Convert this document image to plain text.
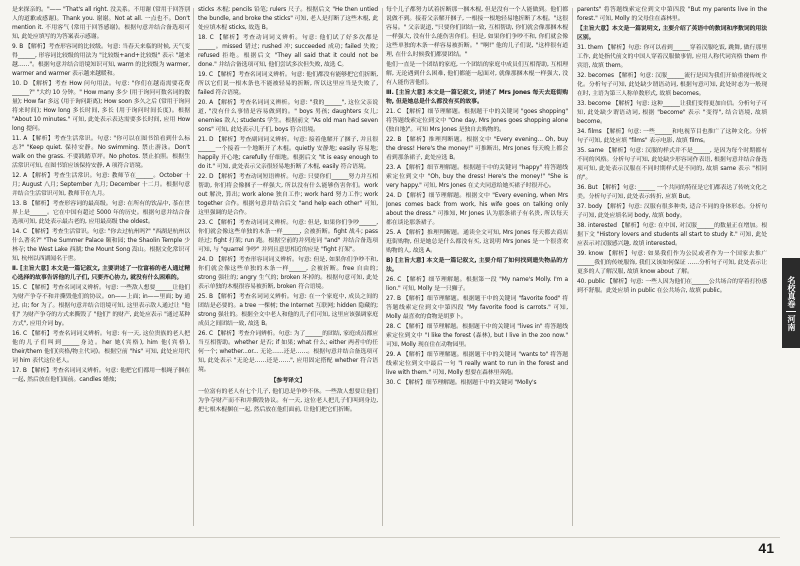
是来探亲的。"—— "That's all right. 没关系。不用谢 (常用于回答别人的道歉或感谢)。Thank you. 谢谢。Not at all. 一点也不。Don't mention it. 不用客气 (常用于回答感谢)。根据句意并结合备选项可知, 此处应填写的为答案表示感谢。
9. B 【解析】考查形容词的比较级。句意: 当春天来临的时候, 天气变得______, 形容词比较级的用法为 "比较级+and+比较级" 表示 "越来越……"。根据句意并结合语境知识可知, warm 的比较级为 warmer, warmer and warmer 表示越来越暖和。
10. D 【解析】考查 How 问句用法。句意: "你们在越南需要花费______?" "大约 10 分钟。" How many 多少 (用于询问可数名词的数量); How far 多远 (用于询问距离); How soon 多久之后 (常用于询问将来时间); How long 多长时间, 多长 (用于询问时间长度)。根据 "About 10 minutes." 可知, 此处表示表达需要多长时间, 应用 How long 提问。
11. A 【解析】考查生活常识。句意: "你可以在图书馆看到什么标志?" "Keep quiet. 保持安静。No swimming. 禁止游泳。Don't walk on the grass. 不要践踏草坪。No photos. 禁止拍照。根据生活常识可知, 在图书馆应该保持安静, A 项符合语境。
12. A 【解析】考查生活常识。句意: 教师节在______。October 十月; August 八月; September 九月; December 十二月。根据句意并结合生活常识可知, 教师节在九月。
13. B 【解析】考查形容词的最高级。句意: 在所有的饮品中, 茶在世界上是______。它在中国有超过 5000 年的历史。根据句意并结合备选项可知, 此处表示最古老的, 应用最高级 the oldest。
14. C 【解析】考查生活常识。句意: "你去过杭州吗?" "西湖是杭州以什么著名?" "The Summer Palace 颐和园; the Shaolin Temple 少林寺; the West Lake 西湖; the Mount Song 嵩山。根据文化常识可知, 杭州以西湖闻名于世。
Ⅱ. [主旨大意] 本文是一篇记叙文, 主要讲述了一位富裕的老人通过精心选择的故事告诉他的儿子们, 只要齐心协力, 就没有什么困难的。
15. C 【解析】考查名词词义辨析。句意: 一些敌人想要______让他们为财产争夺不和并撕毁他们的协议。on——上面; in——里面; by 通过, 由; for 为了。根据句意并结合语境可知, 这里表示敌人通过让 "他们" 为财产争夺的方式来撕毁了 "他们" 的财产, 此处应表示 "通过某种方式", 应用介词 by。
16. C 【解析】考查名词词义辨析。句意: 有一天, 这位贵族的老人把他的儿子们叫到______身边。her 她(宾格), him 他(宾格), their/them 他们(宾格/物主代词)。根据空前 "his" 可知, 此处应用代词 him 表代这位老人。
17. B 【解析】考查名词词义辨析。句意: 他把它们都用一根绳子捆在一起, 然后放在他们面前。candles 蜡烛;
sticks 木棍; pencils 铅笔; rulers 尺子。根据后文 "He then untied the bundle, and broke the sticks" 可知, 老人是打断了这些木棍, 此处应填木棍 sticks, 故选 B。
18. C 【解析】考查动词词义辨析。句意: 他们试了好多次都是______。missed 错过; rushed 冲; succeeded 成功; failed 失败; refused 拒绝。根据后文 "They all said that it could not be done." 并结合备选项可知, 他们尝试多次但失败, 故选 C。
19. C 【解析】考查名词词义辨析。句意: 他们都没有能够把它们折断, 所以它们说一根木条也不能被轻易的折断, 所以这里应当是失败了, failed 符合语境。
20. A 【解析】考查名词词义辨析。句意: "我的______", 这位父亲说道, "没有什么事情是容易做到的。" boys 男孩; daughters 女儿; enemies 敌人; students 学生。根据前文 "As old man had seven sons" 可知, 此处表示儿子们, boys 符合语境。
21. D 【解析】考查副词词义辨析。句意: 接着他解开了捆子, 并且很______一个接着一个地断开了木棍。quietly 安静地; easily 容易地; happily 开心地; carefully 仔细地。根据后文 "It is easy enough to do it." 可知, 此处表示父亲很轻易地折断了木棍, easily 符合语境。
22. D 【解析】考查动词短语辨析。句意: 只要你们______努力并互相帮助, 你们将会像捆子一样强大, 所以没有什么能够伤害你们。work out 解决, 算出; work alone 独自工作; work hard 努力工作; work together 合作。根据句意并结合后文 "and help each other" 可知, 这里强调的是合作。
23. C 【解析】考查动词词义辨析。句意: 但是, 如果你们争吵______, 你们就会像这些单独的木条一样______, 会被折断。fight 战斗; pass 经过; fight 打架; run 跑。根据空前的并列连词 "and" 并结合备选项可知, 与 "quarrel 争吵" 并列且意思相近的应是 "fight 打架"。
24. D 【解析】考查形容词词义辨析。句意: 但是, 如果你们争吵不和, 你们就会像这些单独的木条一样______, 会被折断。free 自由的; strong 强壮的; angry 生气的; broken 坏掉的。根据句意可知, 此处表示单独的木棍很容易被折断, broken 符合语境。
25. B 【解析】考查名词词义辨析。句意: 在一个家庭中, 成员之间的团结是必要的。a tree 一棵树; the Internet 互联网; hidden 隐藏的; strong 强壮的。根据全文中老人和他的儿子们可知, 这里应该强调家庭成员之间团结一致, 故选 B。
26. C 【解析】考查介词辨析。句意: 为了______的团结, 家庭成员都应当互相帮助。whether 是否; if 如果; what 什么; either 两者中的任何一个; whether...or... 无论……还是……。根据句意并结合备选项可知, 此处表示 "无论是……还是……", 应用固定搭配 whether 符合语境。
【参考译文】
一位富有的老人有七个儿子, 他们总是争吵不休。一些敌人想要让他们为争夺财产而不和并撕毁协议。有一天, 这位老人把儿子们叫到身边, 把七根木棍捆在一起, 然后放在他们面前, 让他们把它们折断。
每个儿子都努力试着折断那一捆木棍, 但是没有一个人能做到。他们都说做不到。接着父亲解开捆子, 一根接一根地轻易地折断了木棍。"这很容易。" 父亲说道, "只要你们团结一致, 互相帮助, 你们就会像那捆木棍一样强大, 没有什么能伤害你们。但是, 如果你们争吵不和, 你们就会像这些单独的木条一样容易被折断。" "啊!" 他的儿子们说, "这样很有道理, 在什么时候我们都要团结。"
他们一直是一个团结的家庭, 一个团结的家庭中成员们互相帮助, 互相理解, 无论遇到什么困难, 他们都能一起面对, 就像那捆木棍一样强大, 没有人能伤害他们。
Ⅲ. [主旨大意] 本文是一篇记叙文, 讲述了 Mrs Jones 每天去逛街购物, 但是她总是什么都没有买的故事。
21. C 【解析】细节理解题。根据题干中的关键词 "goes shopping" 将答题线索定位到文中 "One day, Mrs Jones goes shopping alone (独自地)"。可知 Mrs Jones 是独自去购物的。
22. B 【解析】推理判断题。根据文中 "Every evening... Oh, buy the dress! Here's the money!" 可推断出, Mrs Jones 每天晚上都会看到那条裙子, 此处应选 B。
23. A 【解析】细节理解题。根据题干中的关键词 "happy" 将答题线索定位到文中 "Oh, buy the dress! Here's the money!" "She is very happy." 可知, Mrs Jones 在丈夫同意给她买裙子时很开心。
24. D 【解析】细节理解题。根据文中 "Every evening, when Mrs Jones comes back from work, his wife goes on talking only about the dress." 可推知, Mr Jones 认为那条裙子有名贵, 所以每天都在谈论那条裙子。
25. A 【解析】推理判断题。通读全文可知, Mrs Jones 每天都去商店逛街购物, 但是她总是什么都没有买, 这说明 Mrs Jones 是一个很喜欢购物的人, 故选 A。
B) [主旨大意] 本文是一篇记叙文, 主要介绍了如何找到遗失物品的方法。
26. C 【解析】细节理解题。根据第一段 "My name's Molly. I'm a lion." 可知, Molly 是一只狮子。
27. B 【解析】细节理解题。根据题干中的关键词 "favorite food" 将答题线索定位到文中第四段 "My favorite food is carrots." 可知, Molly 最喜欢的食物是胡萝卜。
28. C 【解析】细节理解题。根据题干中的关键词 "lives in" 将答题线索定位到文中 "I like the forest (森林), but I live in the zoo now." 可知, Molly 现在住在动物园里。
29. A 【解析】细节理解题。根据题干中的关键词 "wants to" 将答题线索定位到文中最后一句 "I really want to run in the forest and live with them." 可知, Molly 想要在森林里奔跑。
30. C 【解析】细节理解题。根据题干中的关键词 "Molly's
parents" 将答题线索定位到文中第四段 "But my parents live in the forest." 可知, Molly 的父母住在森林里。
【主旨大意】本文是一篇说明文, 主要介绍了英语中的数词和序数词的用法区别。
31. them 【解析】句意: 你可以看到______穿着汉服吃饭, 跳舞, 做行那里工作, 此处指代前文的中国人穿着汉服做事情, 应用人称代词宾格 them 作宾语, 故填 them。
32. becomes 【解析】句意: 汉服______流行是因为我们开始重视传统文化。分析句子可知, 此处缺少谓语动词, 根据句意可知, 此处时态为一般现在时, 主语为第三人称单数形式, 故填 becomes。
33. become 【解析】句意: 这种______让我们变得更加自信。分析句子可知, 此处缺少谓语动词, 根据 "become" 表示 "变得", 结合语境, 故填 become。
34. films 【解析】句意: 一些______和电视节目也推广了这种文化。分析句子可知, 此处应填 "films" 表示电影, 故填 films。
35. same 【解析】句意: 汉服的样式并不是______, 是因为每个时期都有不同的风格。分析句子可知, 此处缺少形容词作表语, 根据句意并结合备选项可知, 此处表示汉服在不同时期样式是不同的, 故填 same 表示 "相同的"。
36. But 【解析】句意: ______ 一个共同的特征是它们都表达了传统文化之美。分析句子可知, 此处表示转折, 应填 But。
37. body 【解析】句意: 汉服有很多种类, 适合不同的身体形态。分析句子可知, 此处应填名词 body, 故填 body。
38. interested 【解析】句意: 在中国, 对汉服______的数量正在增加。根据下文 "History lovers and students all start to study it." 可知, 此处应表示对汉服感兴趣, 故填 interested。
39. know 【解析】句意: 如果我们作为公民或者作为一个国家去推广______我们的传统服饰, 我们又该如何保证 ……分析句子可知, 此处表示让更多的人了解汉服, 故填 know about 了解。
40. public 【解析】句意: 一些人因为他们在______公共场合的穿着打扮感到不舒服。此处应填 in public 在公共场合, 故填 public。	名校真卷
河南
41
